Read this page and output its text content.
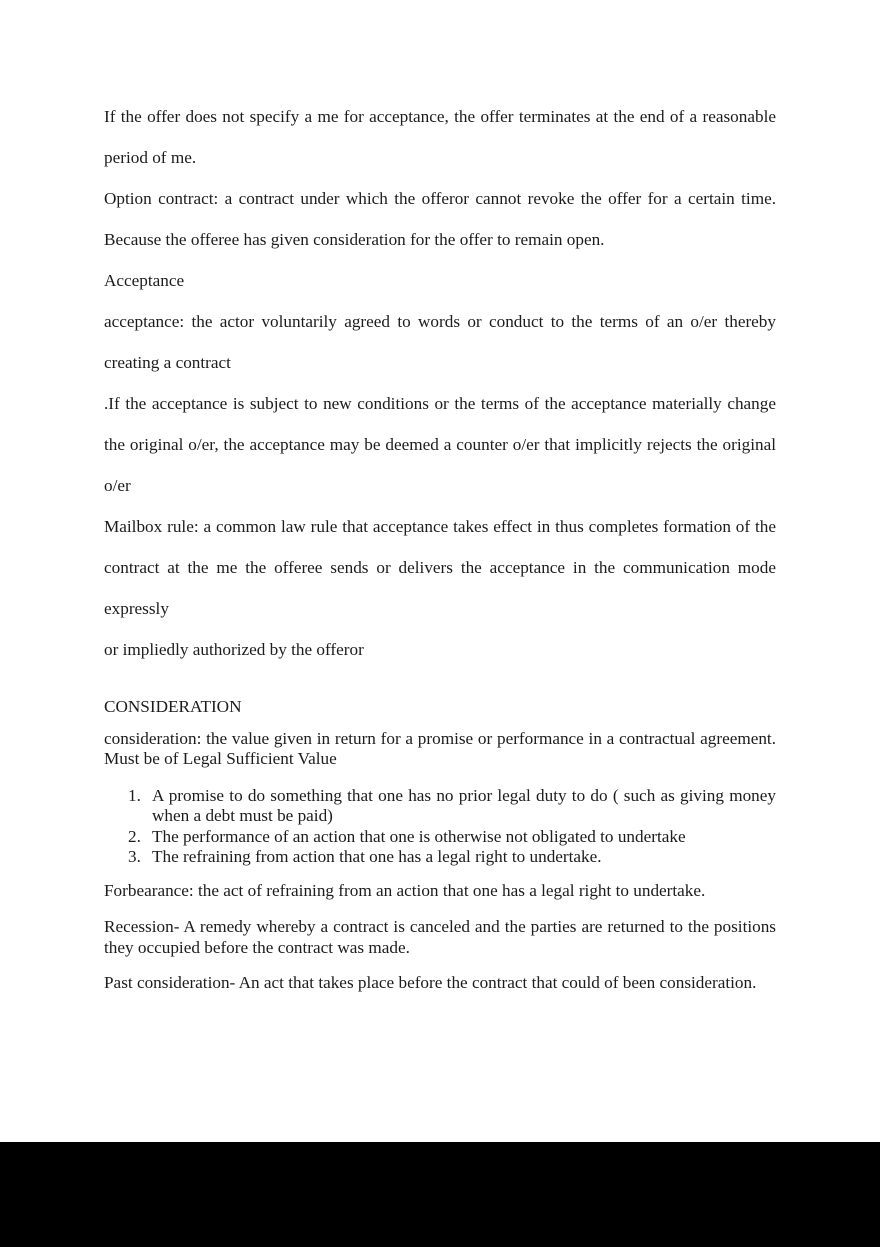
If the offer does not specify a me for acceptance, the offer terminates at the end of a reasonable period of me.

Option contract: a contract under which the offeror cannot revoke the offer for a certain time. Because the offeree has given consideration for the offer to remain open.

Acceptance

acceptance: the actor voluntarily agreed to words or conduct to the terms of an o/er thereby creating a contract

.If the acceptance is subject to new conditions or the terms of the acceptance materially change the original o/er, the acceptance may be deemed a counter o/er that implicitly rejects the original o/er

Mailbox rule: a common law rule that acceptance takes effect in thus completes formation of the contract at the me the offeree sends or delivers the acceptance in the communication mode expressly

or impliedly authorized by the offeror

CONSIDERATION

consideration: the value given in return for a promise or performance in a contractual agreement. Must be of Legal Sufficient Value

1. A promise to do something that one has no prior legal duty to do ( such as giving money when a debt must be paid)
2. The performance of an action that one is otherwise not obligated to undertake
3. The refraining from action that one has a legal right to undertake.

Forbearance: the act of refraining from an action that one has a legal right to undertake.

Recession- A remedy whereby a contract is canceled and the parties are returned to the positions they occupied before the contract was made.

Past consideration- An act that takes place before the contract that could of been consideration.
